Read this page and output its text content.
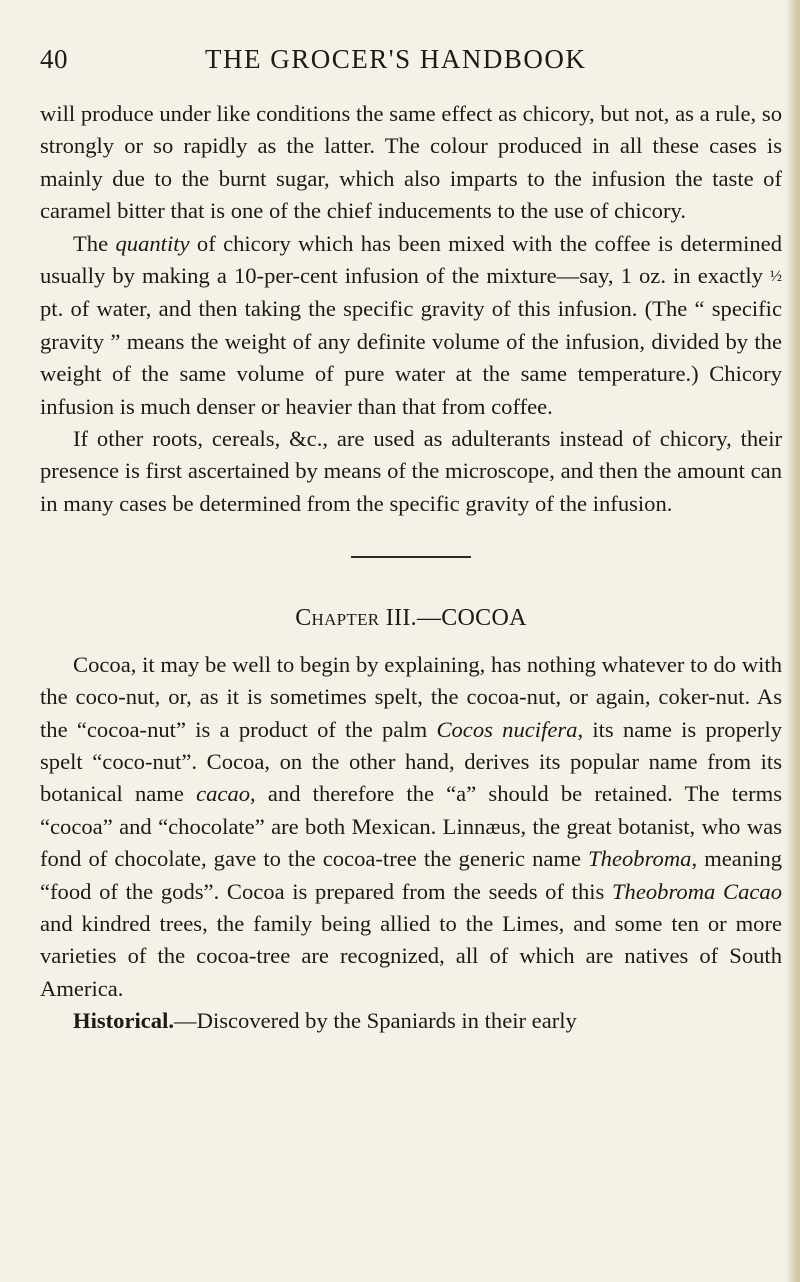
40	THE GROCER'S HANDBOOK

will produce under like conditions the same effect as chicory, but not, as a rule, so strongly or so rapidly as the latter. The colour produced in all these cases is mainly due to the burnt sugar, which also imparts to the infusion the taste of caramel bitter that is one of the chief inducements to the use of chicory.

The quantity of chicory which has been mixed with the coffee is determined usually by making a 10-per-cent infusion of the mixture—say, 1 oz. in exactly ½ pt. of water, and then taking the specific gravity of this infusion. (The “ specific gravity ” means the weight of any definite volume of the infusion, divided by the weight of the same volume of pure water at the same temperature.) Chicory infusion is much denser or heavier than that from coffee.

If other roots, cereals, &c., are used as adulterants instead of chicory, their presence is first ascertained by means of the microscope, and then the amount can in many cases be determined from the specific gravity of the infusion.

Chapter III.—COCOA

Cocoa, it may be well to begin by explaining, has nothing whatever to do with the coco-nut, or, as it is sometimes spelt, the cocoa-nut, or again, coker-nut. As the “cocoa-nut” is a product of the palm Cocos nucifera, its name is properly spelt “coco-nut”. Cocoa, on the other hand, derives its popular name from its botanical name cacao, and therefore the “a” should be retained. The terms “cocoa” and “chocolate” are both Mexican. Linnæus, the great botanist, who was fond of chocolate, gave to the cocoa-tree the generic name Theobroma, meaning “food of the gods”. Cocoa is prepared from the seeds of this Theobroma Cacao and kindred trees, the family being allied to the Limes, and some ten or more varieties of the cocoa-tree are recognized, all of which are natives of South America.

Historical.—Discovered by the Spaniards in their early
